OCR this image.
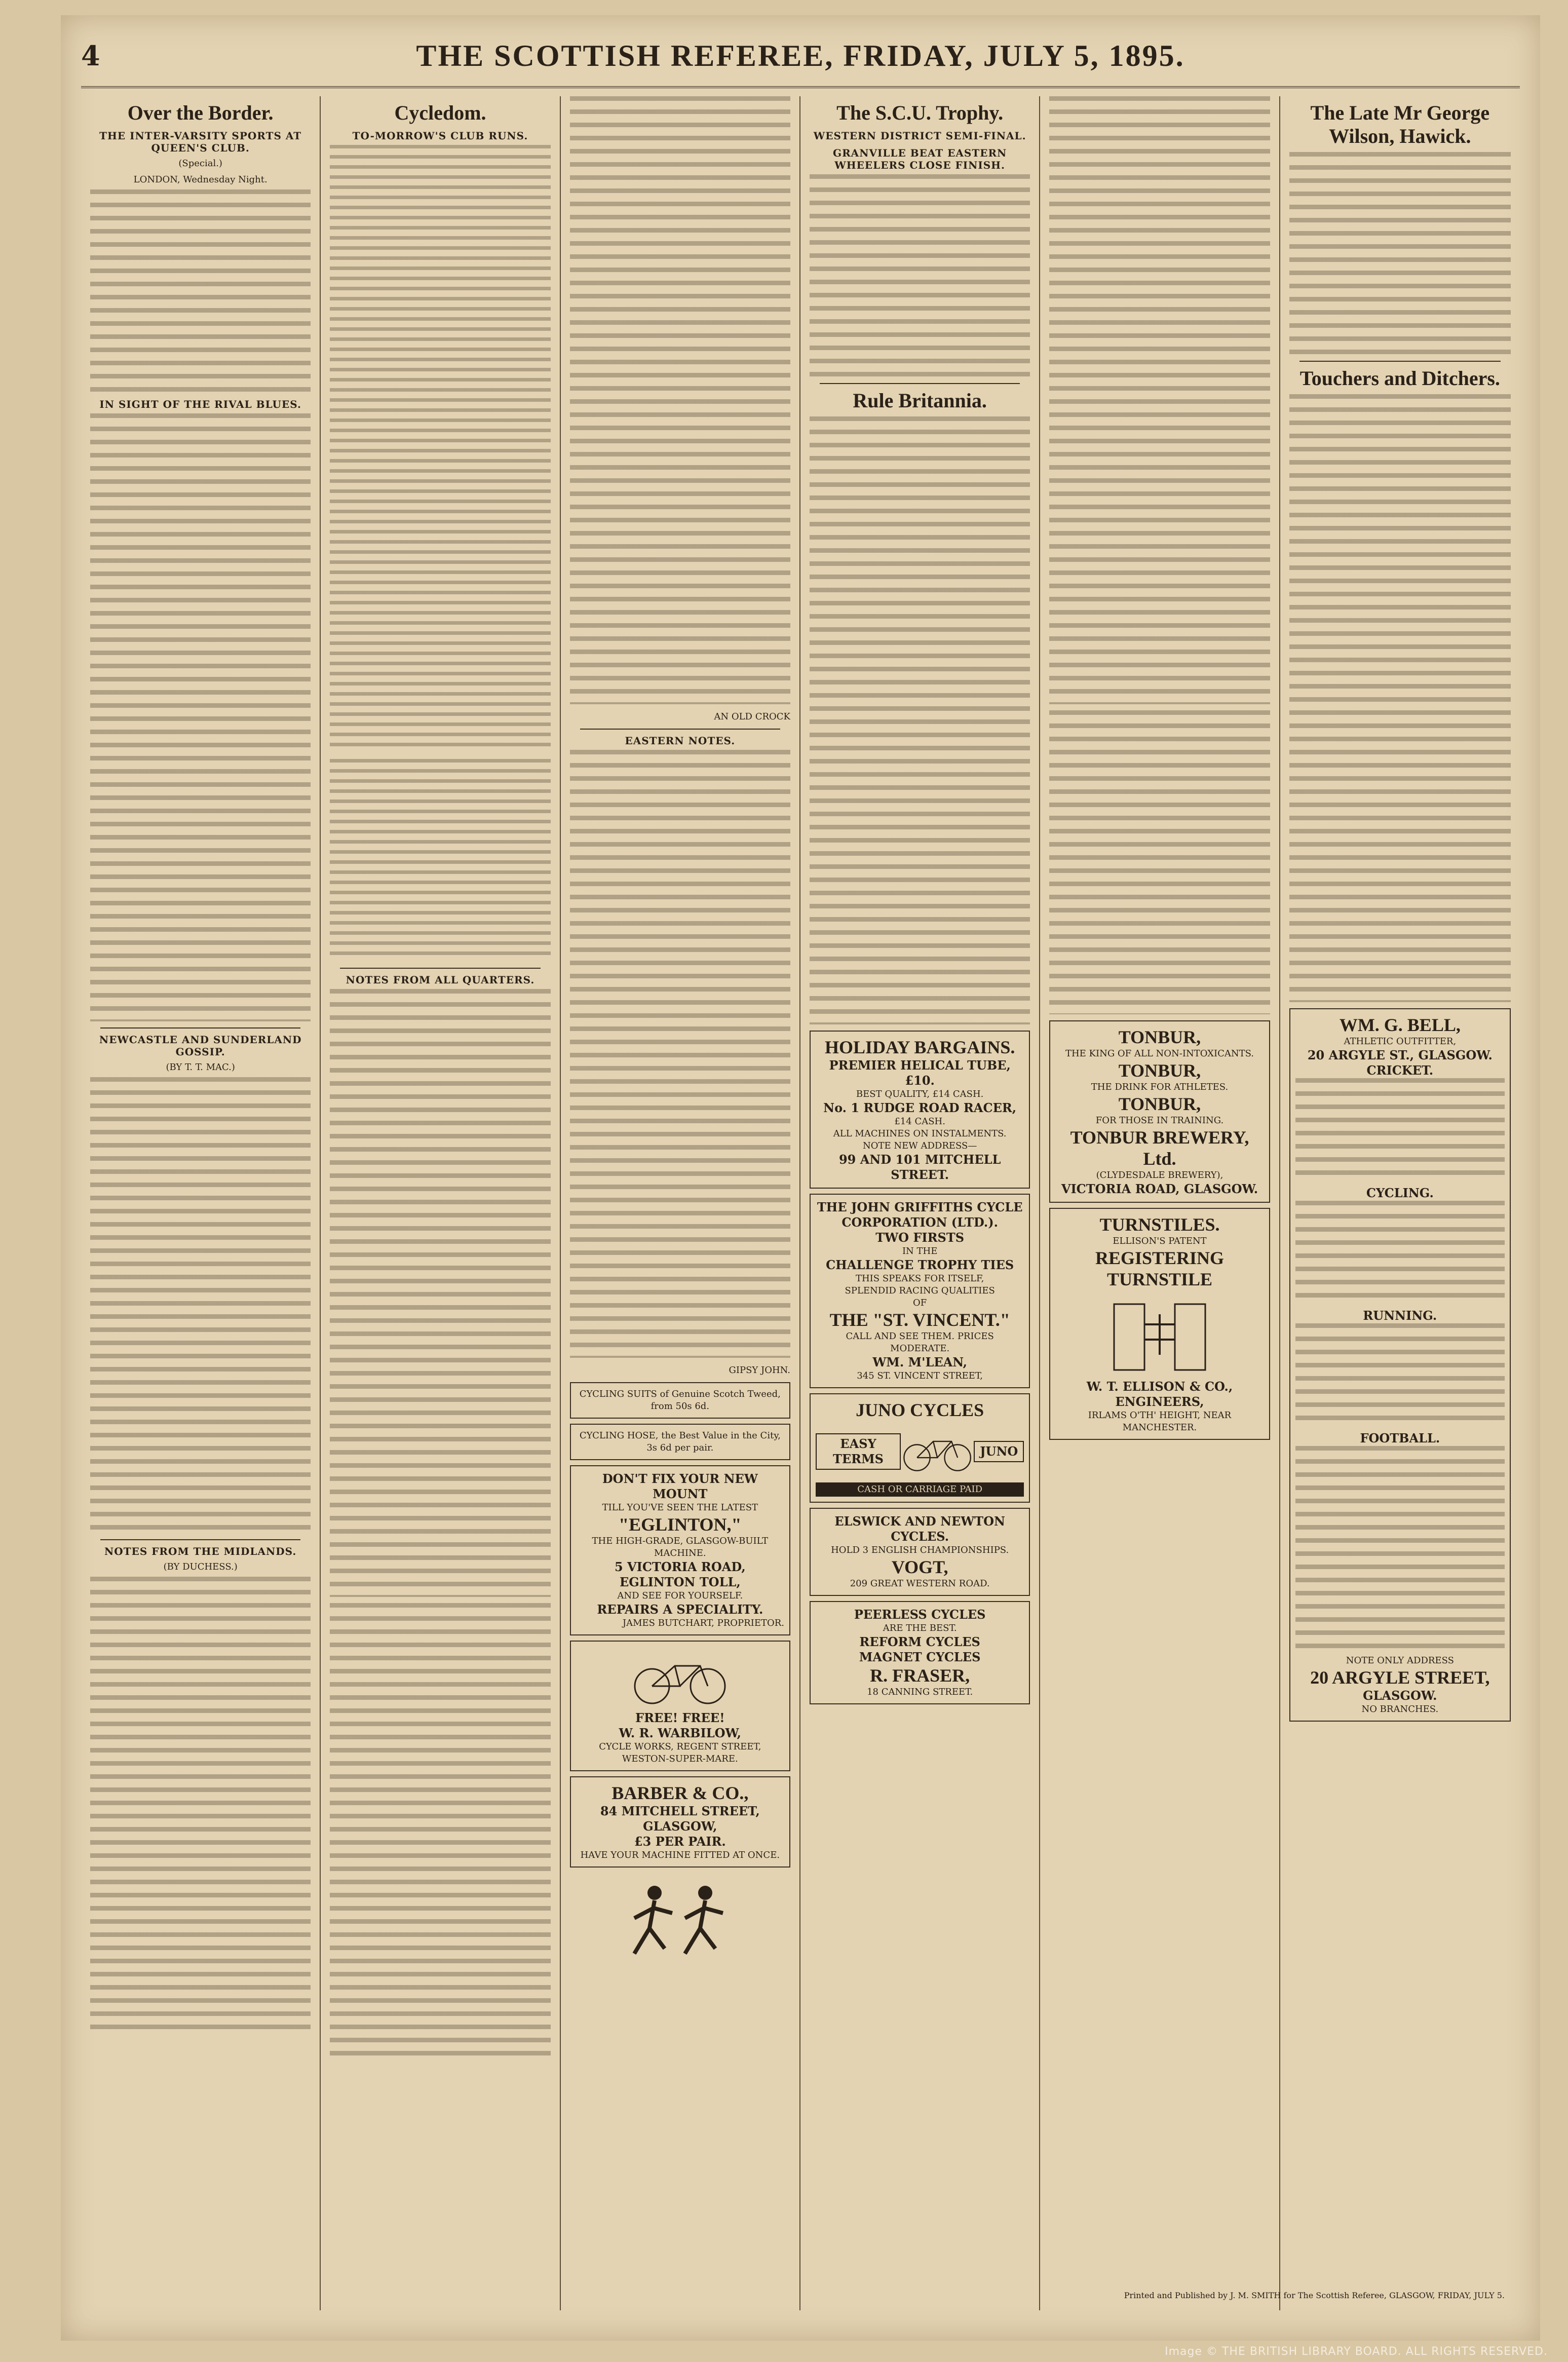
4	THE SCOTTISH REFEREE, FRIDAY, JULY 5, 1895.
Over the Border.
THE INTER-VARSITY SPORTS AT QUEEN'S CLUB.
(Special.)
LONDON, Wednesday Night.
IN SIGHT OF THE RIVAL BLUES.
NEWCASTLE AND SUNDERLAND GOSSIP.
(BY T. T. MAC.)
NOTES FROM THE MIDLANDS.
(BY DUCHESS.)
Cycledom.
TO-MORROW'S CLUB RUNS.
NOTES FROM ALL QUARTERS.
AN OLD CROCK
EASTERN NOTES.
GIPSY JOHN.
CYCLING SUITS of Genuine Scotch Tweed, from 50s 6d.
CYCLING HOSE, the Best Value in the City, 3s 6d per pair.
DON'T FIX YOUR NEW MOUNT
TILL YOU'VE SEEN THE LATEST
"EGLINTON,"
THE HIGH-GRADE, GLASGOW-BUILT MACHINE.
5 VICTORIA ROAD,
EGLINTON TOLL,
AND SEE FOR YOURSELF.
REPAIRS A SPECIALITY.
JAMES BUTCHART, PROPRIETOR.
FREE! FREE!
W. R. WARBILOW,
CYCLE WORKS, REGENT STREET, WESTON-SUPER-MARE.
BARBER & CO.,
84 MITCHELL STREET,
GLASGOW,
£3 PER PAIR.
HAVE YOUR MACHINE FITTED AT ONCE.
The S.C.U. Trophy.
WESTERN DISTRICT SEMI-FINAL.
GRANVILLE BEAT EASTERN WHEELERS CLOSE FINISH.
Rule Britannia.
HOLIDAY BARGAINS.
PREMIER HELICAL TUBE, £10.
BEST QUALITY, £14 CASH.
No. 1 RUDGE ROAD RACER,
£14 CASH.
ALL MACHINES ON INSTALMENTS.
NOTE NEW ADDRESS—
99 AND 101 MITCHELL STREET.
THE JOHN GRIFFITHS CYCLE CORPORATION (LTD.).
TWO FIRSTS
IN THE
CHALLENGE TROPHY TIES
THIS SPEAKS FOR ITSELF,
SPLENDID RACING QUALITIES
OF
THE "ST. VINCENT."
CALL AND SEE THEM. PRICES MODERATE.
WM. M'LEAN,
345 ST. VINCENT STREET,
JUNO CYCLES
EASY TERMS
JUNO
CASH OR CARRIAGE PAID
ELSWICK AND NEWTON CYCLES.
HOLD 3 ENGLISH CHAMPIONSHIPS.
VOGT,
209 GREAT WESTERN ROAD.
PEERLESS CYCLES
ARE THE BEST.
REFORM CYCLES
MAGNET CYCLES
R. FRASER,
18 CANNING STREET.
TONBUR,
THE KING OF ALL NON-INTOXICANTS.
TONBUR,
THE DRINK FOR ATHLETES.
TONBUR,
FOR THOSE IN TRAINING.
TONBUR BREWERY, Ltd.
(CLYDESDALE BREWERY),
VICTORIA ROAD, GLASGOW.
TURNSTILES.
ELLISON'S PATENT
REGISTERING TURNSTILE
W. T. ELLISON & CO., ENGINEERS,
IRLAMS O'TH' HEIGHT, NEAR MANCHESTER.
The Late Mr George Wilson, Hawick.
Touchers and Ditchers.
WM. G. BELL,
ATHLETIC OUTFITTER,
20 ARGYLE ST., GLASGOW.
CRICKET.
CYCLING.
RUNNING.
FOOTBALL.
NOTE ONLY ADDRESS
20 ARGYLE STREET,
GLASGOW.
NO BRANCHES.
Printed and Published by J. M. SMITH for The Scottish Referee, GLASGOW, FRIDAY, JULY 5.
Image © THE BRITISH LIBRARY BOARD. ALL RIGHTS RESERVED.
